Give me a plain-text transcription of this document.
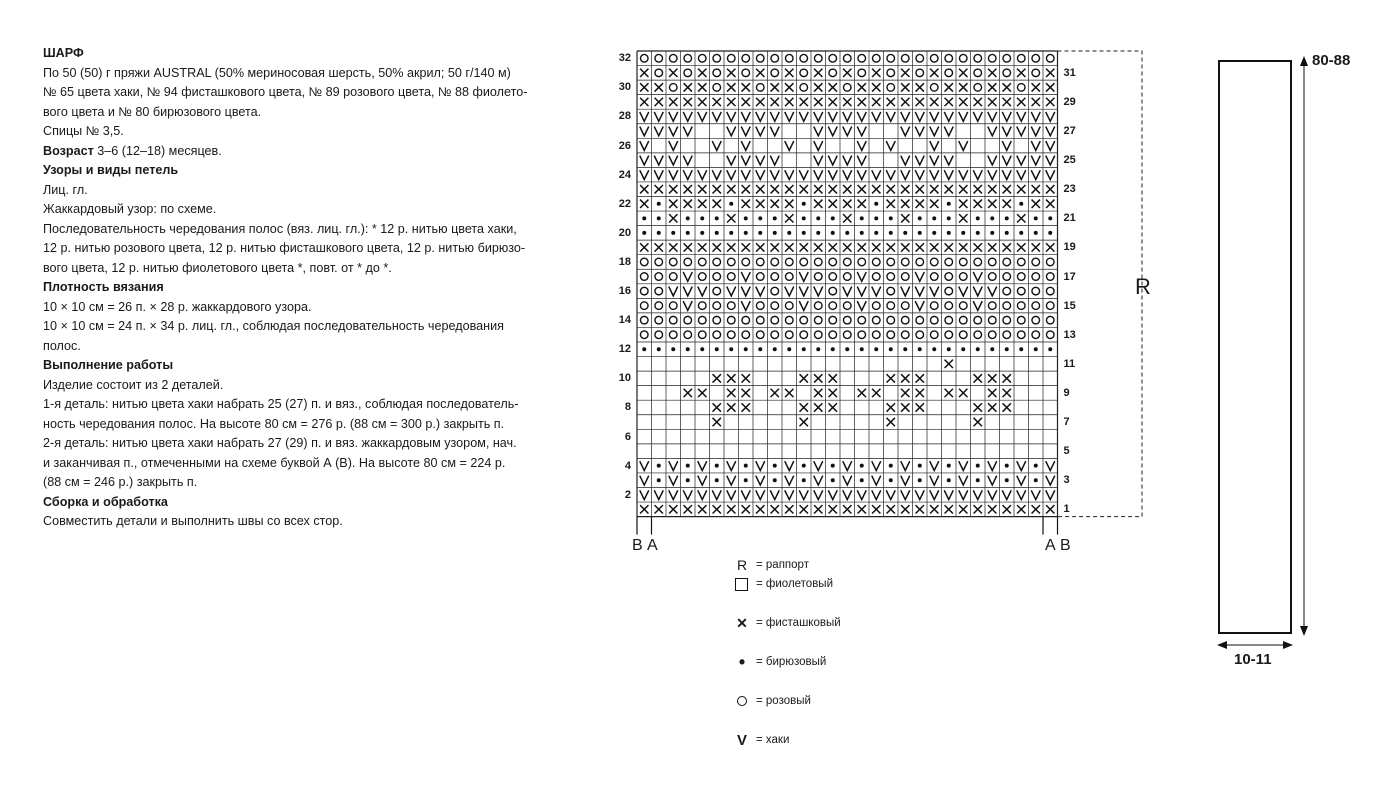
ШАРФ
По 50 (50) г пряжи AUSTRAL (50% мериносовая шерсть, 50% акрил; 50 г/140 м)
№ 65 цвета хаки, № 94 фисташкового цвета, № 89 розового цвета, № 88 фиолето-
вого цвета и № 80 бирюзового цвета.
Спицы № 3,5.
Возраст 3–6 (12–18) месяцев.
Узоры и виды петель
Лиц. гл.
Жаккардовый узор: по схеме.
Последовательность чередования полос (вяз. лиц. гл.): * 12 р. нитью цвета хаки,
12 р. нитью розового цвета, 12 р. нитью фисташкового цвета, 12 р. нитью бирюзо-
вого цвета, 12 р. нитью фиолетового цвета *, повт. от * до *.
Плотность вязания
10 × 10 см = 26 п. × 28 р. жаккардового узора.
10 × 10 см = 24 п. × 34 р. лиц. гл., соблюдая последовательность чередования
полос.
Выполнение работы
Изделие состоит из 2 деталей.
1-я деталь: нитью цвета хаки набрать 25 (27) п. и вяз., соблюдая последователь-
ность чередования полос. На высоте 80 см = 276 р. (88 см = 300 р.) закрыть п.
2-я деталь: нитью цвета хаки набрать 27 (29) п. и вяз. жаккардовым узором, нач.
и заканчивая п., отмеченными на схеме буквой А (В). На высоте 80 см = 224 р.
(88 см = 246 р.) закрыть п.
Сборка и обработка
Совместить детали и выполнить швы со всех стор.
32
30
28
26
24
22
20
18
16
14
12
10
8
6
4
2
31
29
27
25
23
21
19
17
15
13
11
9
7
5
3
1
B A	A B
R
R = раппорт
= фиолетовый
✕ = фисташковый
• = бирюзовый
= розовый
V = хаки
80-88
10-11
